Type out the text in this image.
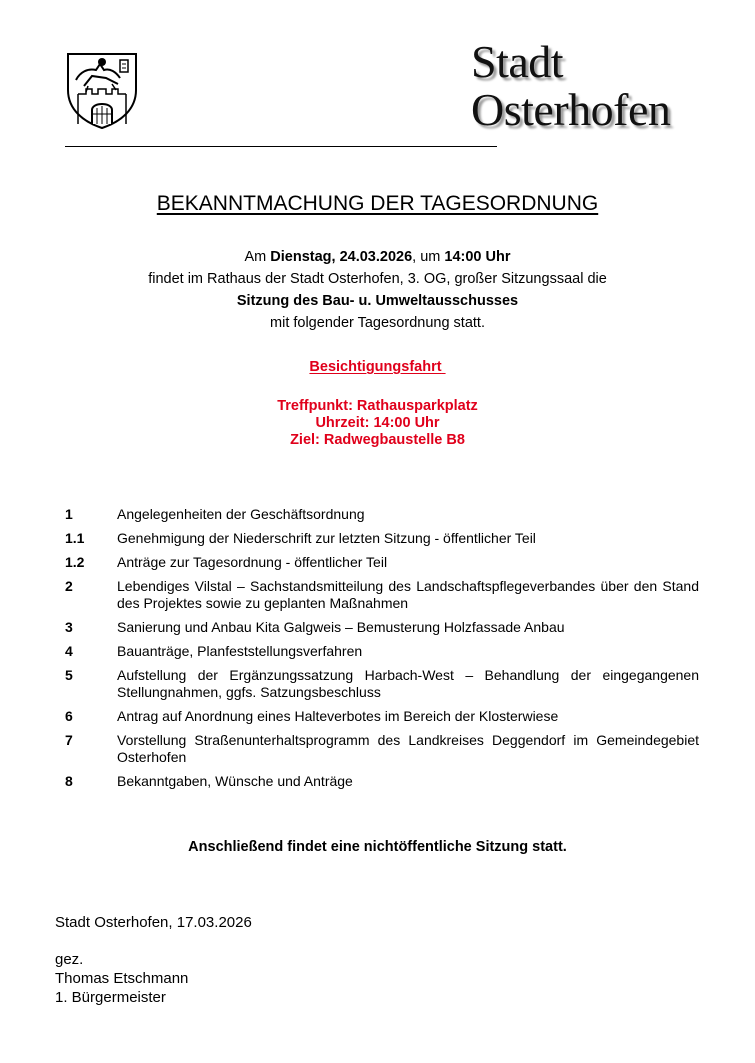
Stadt
Osterhofen
BEKANNTMACHUNG DER TAGESORDNUNG
Am Dienstag, 24.03.2026, um 14:00 Uhr
findet im Rathaus der Stadt Osterhofen, 3. OG, großer Sitzungssaal die
Sitzung des Bau- u. Umweltausschusses
mit folgender Tagesordnung statt.
Besichtigungsfahrt
Treffpunkt: Rathausparkplatz
Uhrzeit: 14:00 Uhr
Ziel: Radwegbaustelle B8
1	Angelegenheiten der Geschäftsordnung
1.1	Genehmigung der Niederschrift zur letzten Sitzung - öffentlicher Teil
1.2	Anträge zur Tagesordnung - öffentlicher Teil
2	Lebendiges Vilstal – Sachstandsmitteilung des Landschaftspflegeverbandes über den Stand des Projektes sowie zu geplanten Maßnahmen
3	Sanierung und Anbau Kita Galgweis – Bemusterung Holzfassade Anbau
4	Bauanträge, Planfeststellungsverfahren
5	Aufstellung der Ergänzungssatzung Harbach-West – Behandlung der eingegangenen Stellungnahmen, ggfs. Satzungsbeschluss
6	Antrag auf Anordnung eines Halteverbotes im Bereich der Klosterwiese
7	Vorstellung Straßenunterhaltsprogramm des Landkreises Deggendorf im Gemeindegebiet Osterhofen
8	Bekanntgaben, Wünsche und Anträge
Anschließend findet eine nichtöffentliche Sitzung statt.
Stadt Osterhofen, 17.03.2026
gez.
Thomas Etschmann
1. Bürgermeister
